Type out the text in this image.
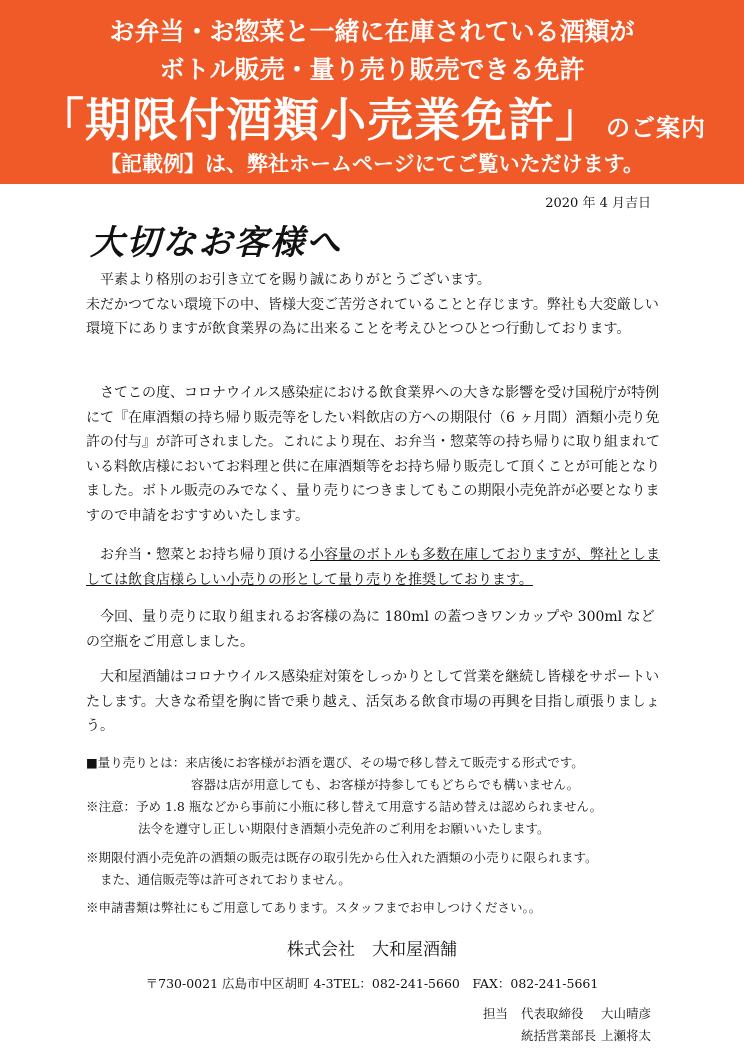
お弁当・お惣菜と一緒に在庫されている酒類が
ボトル販売・量り売り販売できる免許
「期限付酒類小売業免許」 のご案内
【記載例】は、弊社ホームページにてご覧いただけます。
2020 年 4 月吉日
大切なお客様へ
　平素より格別のお引き立てを賜り誠にありがとうございます。
未だかつてない環境下の中、皆様大変ご苦労されていることと存じます。弊社も大変厳しい環境下にありますが飲食業界の為に出来ることを考えひとつひとつ行動しております。
　さてこの度、コロナウイルス感染症における飲食業界への大きな影響を受け国税庁が特例にて『在庫酒類の持ち帰り販売等をしたい料飲店の方への期限付（6 ヶ月間）酒類小売り免許の付与』が許可されました。これにより現在、お弁当・惣菜等の持ち帰りに取り組まれている料飲店様においてお料理と供に在庫酒類等をお持ち帰り販売して頂くことが可能となりました。ボトル販売のみでなく、量り売りにつきましてもこの期限小売免許が必要となりますので申請をおすすめいたします。
　お弁当・惣菜とお持ち帰り頂ける小容量のボトルも多数在庫しておりますが、弊社としましては飲食店様らしい小売りの形として量り売りを推奨しております。
　今回、量り売りに取り組まれるお客様の為に 180ml の蓋つきワンカップや 300ml などの空瓶をご用意しました。
　大和屋酒舗はコロナウイルス感染症対策をしっかりとして営業を継続し皆様をサポートいたします。大きな希望を胸に皆で乗り越え、活気ある飲食市場の再興を目指し頑張りましょう。
■量り売りとは：来店後にお客様がお酒を選び、その場で移し替えて販売する形式です。
容器は店が用意しても、お客様が持参してもどちらでも構いません。
※注意：予め 1.8 瓶などから事前に小瓶に移し替えて用意する詰め替えは認められません。
法令を遵守し正しい期限付き酒類小売免許のご利用をお願いいたします。
※期限付酒小売免許の酒類の販売は既存の取引先から仕入れた酒類の小売りに限られます。
また、通信販売等は許可されておりません。
※申請書類は弊社にもご用意してあります。スタッフまでお申しつけください。。
株式会社　大和屋酒舗
〒730-0021 広島市中区胡町 4-3TEL：082-241-5660　FAX：082-241-5661
担当 代表取締役 大山晴彦
統括営業部長 上瀬将太
